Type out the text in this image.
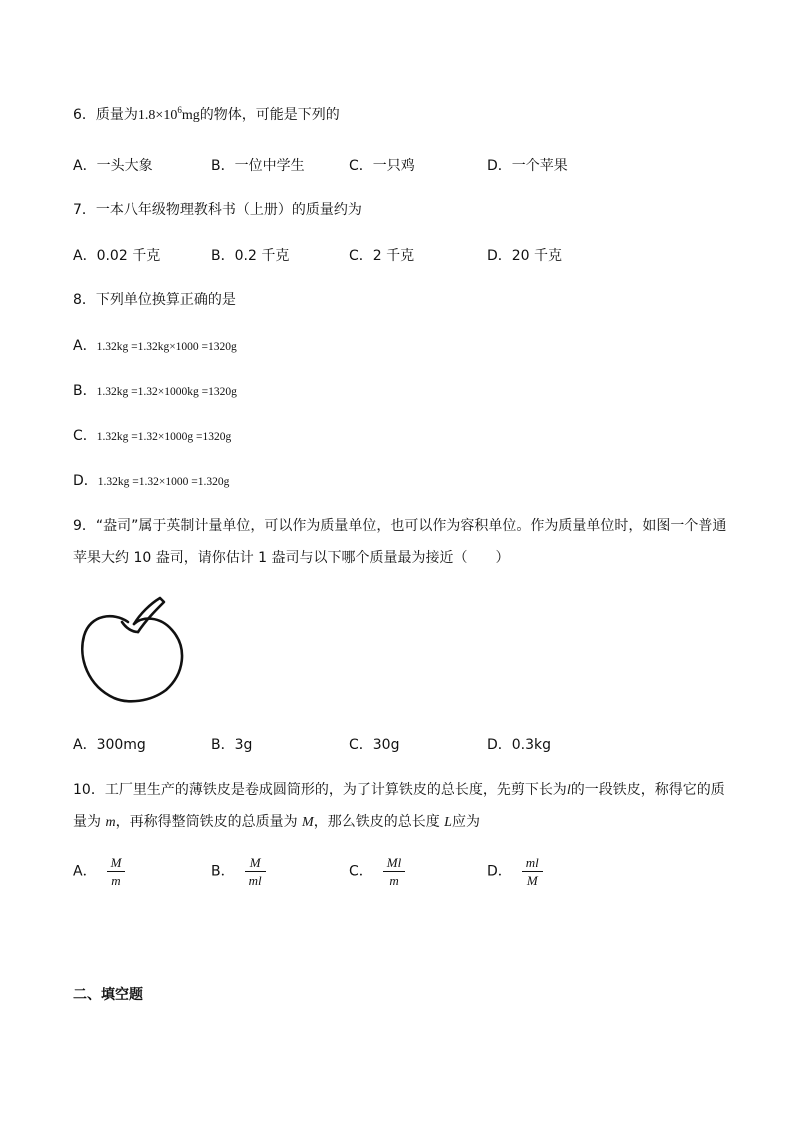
6．质量为$1.8\times 10^6mg$的物体，可能是下列的
A．一头大象	B．一位中学生	C．一只鸡	D．一个苹果
7．一本八年级物理教科书（上册）的质量约为
A．0.02 千克	B．0.2 千克	C．2 千克	D．20 千克
8．下列单位换算正确的是
A．1.32kg =1.32kg×1000 =1320g
B．1.32kg =1.32×1000kg =1320g
C．1.32kg =1.32×1000g =1320g
D．1.32kg =1.32×1000 =1.320g
9．“盎司”属于英制计量单位，可以作为质量单位，也可以作为容积单位。作为质量单位时，如图一个普通
苹果大约 10 盎司，请你估计 1 盎司与以下哪个质量最为接近（　　）
A．300mg	B．3g	C．30g	D．0.3kg
10．工厂里生产的薄铁皮是卷成圆筒形的，为了计算铁皮的总长度，先剪下长为l的一段铁皮，称得它的质
量为 m，再称得整筒铁皮的总质量为 M，那么铁皮的总长度 L应为
A． $\frac{M}{m}$	B． $\frac{M}{ml}$	C． $\frac{Ml}{m}$	D． $\frac{ml}{M}$
二、填空题
